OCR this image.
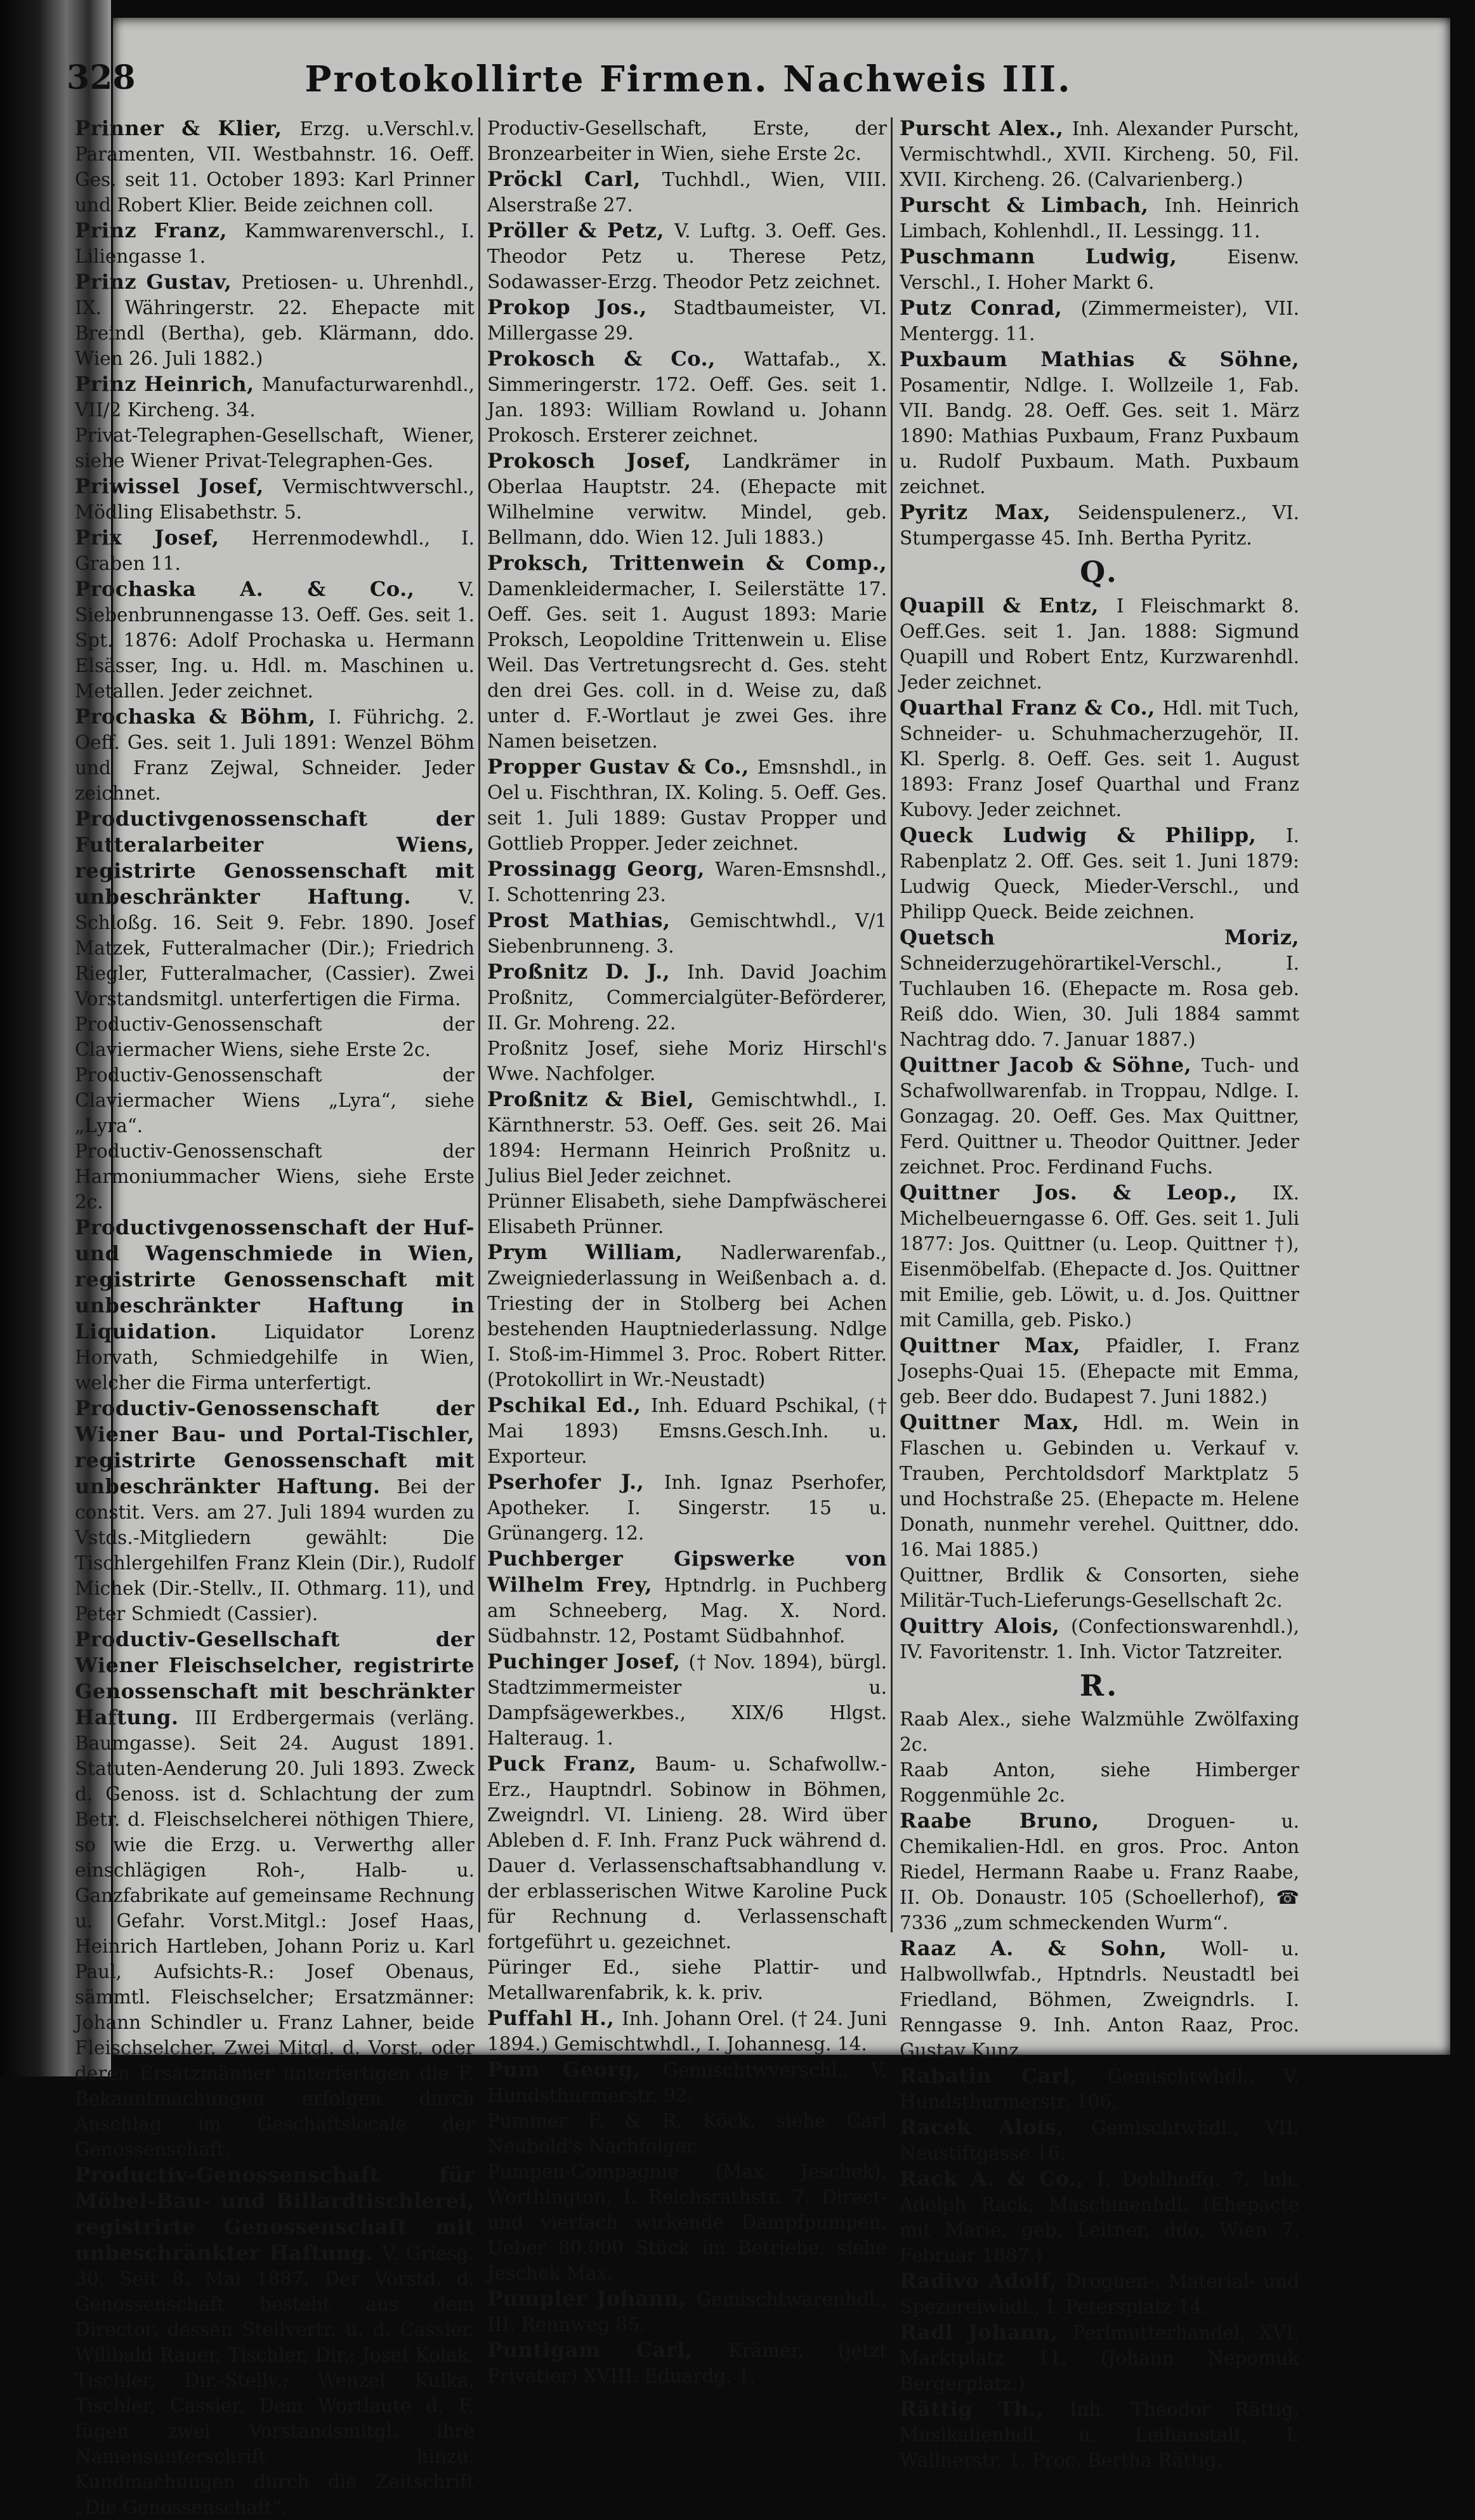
328	Protokollirte Firmen. Nachweis III.

Prinner & Klier, Erzg. u.Verschl.v. Paramenten, VII. Westbahnstr. 16. Oeff. Ges. seit 11. October 1893: Karl Prinner und Robert Klier. Beide zeichnen coll.

Prinz Franz, Kammwarenverschl., I. Liliengasse 1.

Prinz Gustav, Pretiosen- u. Uhrenhdl., IX. Währingerstr. 22. Ehepacte mit Breindl (Bertha), geb. Klärmann, ddo. Wien 26. Juli 1882.)

Prinz Heinrich, Manufacturwarenhdl., VII/2 Kircheng. 34.

Privat-Telegraphen-Gesellschaft, Wiener, siehe Wiener Privat-Telegraphen-Ges.

Priwissel Josef, Vermischtwverschl., Mödling Elisabethstr. 5.

Prix Josef, Herrenmodewhdl., I. Graben 11.

Prochaska A. & Co., V. Siebenbrunnengasse 13. Oeff. Ges. seit 1. Spt. 1876: Adolf Prochaska u. Hermann Elsässer, Ing. u. Hdl. m. Maschinen u. Metallen. Jeder zeichnet.

Prochaska & Böhm, I. Führichg. 2. Oeff. Ges. seit 1. Juli 1891: Wenzel Böhm und Franz Zejwal, Schneider. Jeder zeichnet.

Productivgenossenschaft der Futteralarbeiter Wiens, registrirte Genossenschaft mit unbeschränkter Haftung. V. Schloßg. 16. Seit 9. Febr. 1890. Josef Matzek, Futteralmacher (Dir.); Friedrich Riegler, Futteralmacher, (Cassier). Zwei Vorstandsmitgl. unterfertigen die Firma.

Productiv-Genossenschaft der Claviermacher Wiens, siehe Erste 2c.

Productiv-Genossenschaft der Claviermacher Wiens „Lyra“, siehe „Lyra“.

Productiv-Genossenschaft der Harmoniummacher Wiens, siehe Erste 2c.

Productivgenossenschaft der Huf- und Wagenschmiede in Wien, registrirte Genossenschaft mit unbeschränkter Haftung in Liquidation. Liquidator Lorenz Horvath, Schmiedgehilfe in Wien, welcher die Firma unterfertigt.

Productiv-Genossenschaft der Wiener Bau- und Portal-Tischler, registrirte Genossenschaft mit unbeschränkter Haftung. Bei der constit. Vers. am 27. Juli 1894 wurden zu Vstds.-Mitgliedern gewählt: Die Tischlergehilfen Franz Klein (Dir.), Rudolf Michek (Dir.-Stellv., II. Othmarg. 11), und Peter Schmiedt (Cassier).

Productiv-Gesellschaft der Wiener Fleischselcher, registrirte Genossenschaft mit beschränkter Haftung. III Erdbergermais (verläng. Baumgasse). Seit 24. August 1891. Statuten-Aenderung 20. Juli 1893. Zweck d. Genoss. ist d. Schlachtung der zum Betr. d. Fleischselcherei nöthigen Thiere, so wie die Erzg. u. Verwerthg aller einschlägigen Roh-, Halb- u. Ganzfabrikate auf gemeinsame Rechnung u. Gefahr. Vorst.Mitgl.: Josef Haas, Heinrich Hartleben, Johann Poriz u. Karl Paul, Aufsichts-R.: Josef Obenaus, sämmtl. Fleischselcher; Ersatzmänner: Johann Schindler u. Franz Lahner, beide Fleischselcher. Zwei Mitgl. d. Vorst. oder deren Ersatzmänner unterfertigen die F. Bekanntmachungen erfolgen durch Anschlag im Geschäftslocale der Genossenschaft.

Productiv-Genossenschaft für Möbel-Bau- und Billardtischlerei, registrirte Genossenschaft mit unbeschränkter Haftung. V. Griesg. 30. Seit 8. Mai 1887. Der Vorstd. d. Genossenschaft besteht aus dem Director, dessen Stellvertr. u. d. Cassier. Wilibald Rauer, Tischler, Dir.; Josef Kolak, Tischler, Dir.-Stellv.; Wenzel Kulka, Tischler, Cassier. Dem Wortlaute d. F. fügen zwei Vorstandsmitgl. ihre Namensunterschrift hinzu. Kundmachungen durch die Zeitschrift „Die Genossenschaft“.

Productiv-Gesellschaft, Erste, der Bronzearbeiter in Wien, siehe Erste 2c.

Pröckl Carl, Tuchhdl., Wien, VIII. Alserstraße 27.

Pröller & Petz, V. Luftg. 3. Oeff. Ges. Theodor Petz u. Therese Petz, Sodawasser-Erzg. Theodor Petz zeichnet.

Prokop Jos., Stadtbaumeister, VI. Millergasse 29.

Prokosch & Co., Wattafab., X. Simmeringerstr. 172. Oeff. Ges. seit 1. Jan. 1893: William Rowland u. Johann Prokosch. Ersterer zeichnet.

Prokosch Josef, Landkrämer in Oberlaa Hauptstr. 24. (Ehepacte mit Wilhelmine verwitw. Mindel, geb. Bellmann, ddo. Wien 12. Juli 1883.)

Proksch, Trittenwein & Comp., Damenkleidermacher, I. Seilerstätte 17. Oeff. Ges. seit 1. August 1893: Marie Proksch, Leopoldine Trittenwein u. Elise Weil. Das Vertretungsrecht d. Ges. steht den drei Ges. coll. in d. Weise zu, daß unter d. F.-Wortlaut je zwei Ges. ihre Namen beisetzen.

Propper Gustav & Co., Emsnshdl., in Oel u. Fischthran, IX. Koling. 5. Oeff. Ges. seit 1. Juli 1889: Gustav Propper und Gottlieb Propper. Jeder zeichnet.

Prossinagg Georg, Waren-Emsnshdl., I. Schottenring 23.

Prost Mathias, Gemischtwhdl., V/1 Siebenbrunneng. 3.

Proßnitz D. J., Inh. David Joachim Proßnitz, Commercialgüter-Beförderer, II. Gr. Mohreng. 22.

Proßnitz Josef, siehe Moriz Hirschl's Wwe. Nachfolger.

Proßnitz & Biel, Gemischtwhdl., I. Kärnthnerstr. 53. Oeff. Ges. seit 26. Mai 1894: Hermann Heinrich Proßnitz u. Julius Biel Jeder zeichnet.

Prünner Elisabeth, siehe Dampfwäscherei Elisabeth Prünner.

Prym William, Nadlerwarenfab., Zweigniederlassung in Weißenbach a. d. Triesting der in Stolberg bei Achen bestehenden Hauptniederlassung. Ndlge I. Stoß-im-Himmel 3. Proc. Robert Ritter. (Protokollirt in Wr.-Neustadt)

Pschikal Ed., Inh. Eduard Pschikal, († Mai 1893) Emsns.Gesch.Inh. u. Exporteur.

Pserhofer J., Inh. Ignaz Pserhofer, Apotheker. I. Singerstr. 15 u. Grünangerg. 12.

Puchberger Gipswerke von Wilhelm Frey, Hptndrlg. in Puchberg am Schneeberg, Mag. X. Nord. Südbahnstr. 12, Postamt Südbahnhof.

Puchinger Josef, († Nov. 1894), bürgl. Stadtzimmermeister u. Dampfsägewerkbes., XIX/6 Hlgst. Halteraug. 1.

Puck Franz, Baum- u. Schafwollw.-Erz., Hauptndrl. Sobinow in Böhmen, Zweigndrl. VI. Linieng. 28. Wird über Ableben d. F. Inh. Franz Puck während d. Dauer d. Verlassenschaftsabhandlung v. der erblasserischen Witwe Karoline Puck für Rechnung d. Verlassenschaft fortgeführt u. gezeichnet.

Püringer Ed., siehe Plattir- und Metallwarenfabrik, k. k. priv.

Puffahl H., Inh. Johann Orel. († 24. Juni 1894.) Gemischtwhdl., I. Johannesg. 14.

Pum Georg, Gemischtwverschl., V. Hundsthurmerstr. 92.

Pummer F. & R. Köck, siehe Carl Neubold's Nachfolger.

Pumpen-Compagnie (Max Jeschek), Worthington, I. Reichsrathstr. 7. Direct- und vierfach wirkende Dampfpumpen. Ueber 80.000 Stück im Betriebe, siehe Jeschek Max.

Pumpler Johann, Gemischtwarenhdl., III. Rennweg 85.

Puntigam Carl, Krämer, (jetzt Privatier) XVIII. Eduardg. 1.

Purscht Alex., Inh. Alexander Purscht, Vermischtwhdl., XVII. Kircheng. 50, Fil. XVII. Kircheng. 26. (Calvarienberg.)

Purscht & Limbach, Inh. Heinrich Limbach, Kohlenhdl., II. Lessingg. 11.

Puschmann Ludwig, Eisenw. Verschl., I. Hoher Markt 6.

Putz Conrad, (Zimmermeister), VII. Mentergg. 11.

Puxbaum Mathias & Söhne, Posamentir, Ndlge. I. Wollzeile 1, Fab. VII. Bandg. 28. Oeff. Ges. seit 1. März 1890: Mathias Puxbaum, Franz Puxbaum u. Rudolf Puxbaum. Math. Puxbaum zeichnet.

Pyritz Max, Seidenspulenerz., VI. Stumpergasse 45. Inh. Bertha Pyritz.

Q.

Quapill & Entz, I Fleischmarkt 8. Oeff.Ges. seit 1. Jan. 1888: Sigmund Quapill und Robert Entz, Kurzwarenhdl. Jeder zeichnet.

Quarthal Franz & Co., Hdl. mit Tuch, Schneider- u. Schuhmacherzugehör, II. Kl. Sperlg. 8. Oeff. Ges. seit 1. August 1893: Franz Josef Quarthal und Franz Kubovy. Jeder zeichnet.

Queck Ludwig & Philipp, I. Rabenplatz 2. Off. Ges. seit 1. Juni 1879: Ludwig Queck, Mieder-Verschl., und Philipp Queck. Beide zeichnen.

Quetsch Moriz, Schneiderzugehörartikel-Verschl., I. Tuchlauben 16. (Ehepacte m. Rosa geb. Reiß ddo. Wien, 30. Juli 1884 sammt Nachtrag ddo. 7. Januar 1887.)

Quittner Jacob & Söhne, Tuch- und Schafwollwarenfab. in Troppau, Ndlge. I. Gonzagag. 20. Oeff. Ges. Max Quittner, Ferd. Quittner u. Theodor Quittner. Jeder zeichnet. Proc. Ferdinand Fuchs.

Quittner Jos. & Leop., IX. Michelbeuerngasse 6. Off. Ges. seit 1. Juli 1877: Jos. Quittner (u. Leop. Quittner †), Eisenmöbelfab. (Ehepacte d. Jos. Quittner mit Emilie, geb. Löwit, u. d. Jos. Quittner mit Camilla, geb. Pisko.)

Quittner Max, Pfaidler, I. Franz Josephs-Quai 15. (Ehepacte mit Emma, geb. Beer ddo. Budapest 7. Juni 1882.)

Quittner Max, Hdl. m. Wein in Flaschen u. Gebinden u. Verkauf v. Trauben, Perchtoldsdorf Marktplatz 5 und Hochstraße 25. (Ehepacte m. Helene Donath, nunmehr verehel. Quittner, ddo. 16. Mai 1885.)

Quittner, Brdlik & Consorten, siehe Militär-Tuch-Lieferungs-Gesellschaft 2c.

Quittry Alois, (Confectionswarenhdl.), IV. Favoritenstr. 1. Inh. Victor Tatzreiter.

R.

Raab Alex., siehe Walzmühle Zwölfaxing 2c.

Raab Anton, siehe Himberger Roggenmühle 2c.

Raabe Bruno, Droguen- u. Chemikalien-Hdl. en gros. Proc. Anton Riedel, Hermann Raabe u. Franz Raabe, II. Ob. Donaustr. 105 (Schoellerhof), ☎ 7336 „zum schmeckenden Wurm“.

Raaz A. & Sohn, Woll- u. Halbwollwfab., Hptndrls. Neustadtl bei Friedland, Böhmen, Zweigndrls. I. Renngasse 9. Inh. Anton Raaz, Proc. Gustav Kunz.

Rabatin Carl, Gemischtwhdl., V. Hundsthurmerstr. 106.

Racek Alois, Gemischtwhdl., VII. Neustiftgasse 16.

Rack A. & Co., I. Doblhoffg. 7. Inh. Adolph Rack, Maschinenhdl. (Ehepacte mit Marie, geb. Leitner, ddo. Wien 7. Februar 1887.)

Radivo Adolf, Droguen-, Material- und Spezereiwhdl., I. Petersplatz 14.

Radl Johann, Perlmutterhandel, XVI. Marktplatz 11. (Johann Nepomuk Bergerplatz.)

Rättig Th., Inh. Theodor Rättig, Musikalienhdl. u. Leihanstalt, I. Wallnerstr. 1. Proc. Bertha Rättig.
